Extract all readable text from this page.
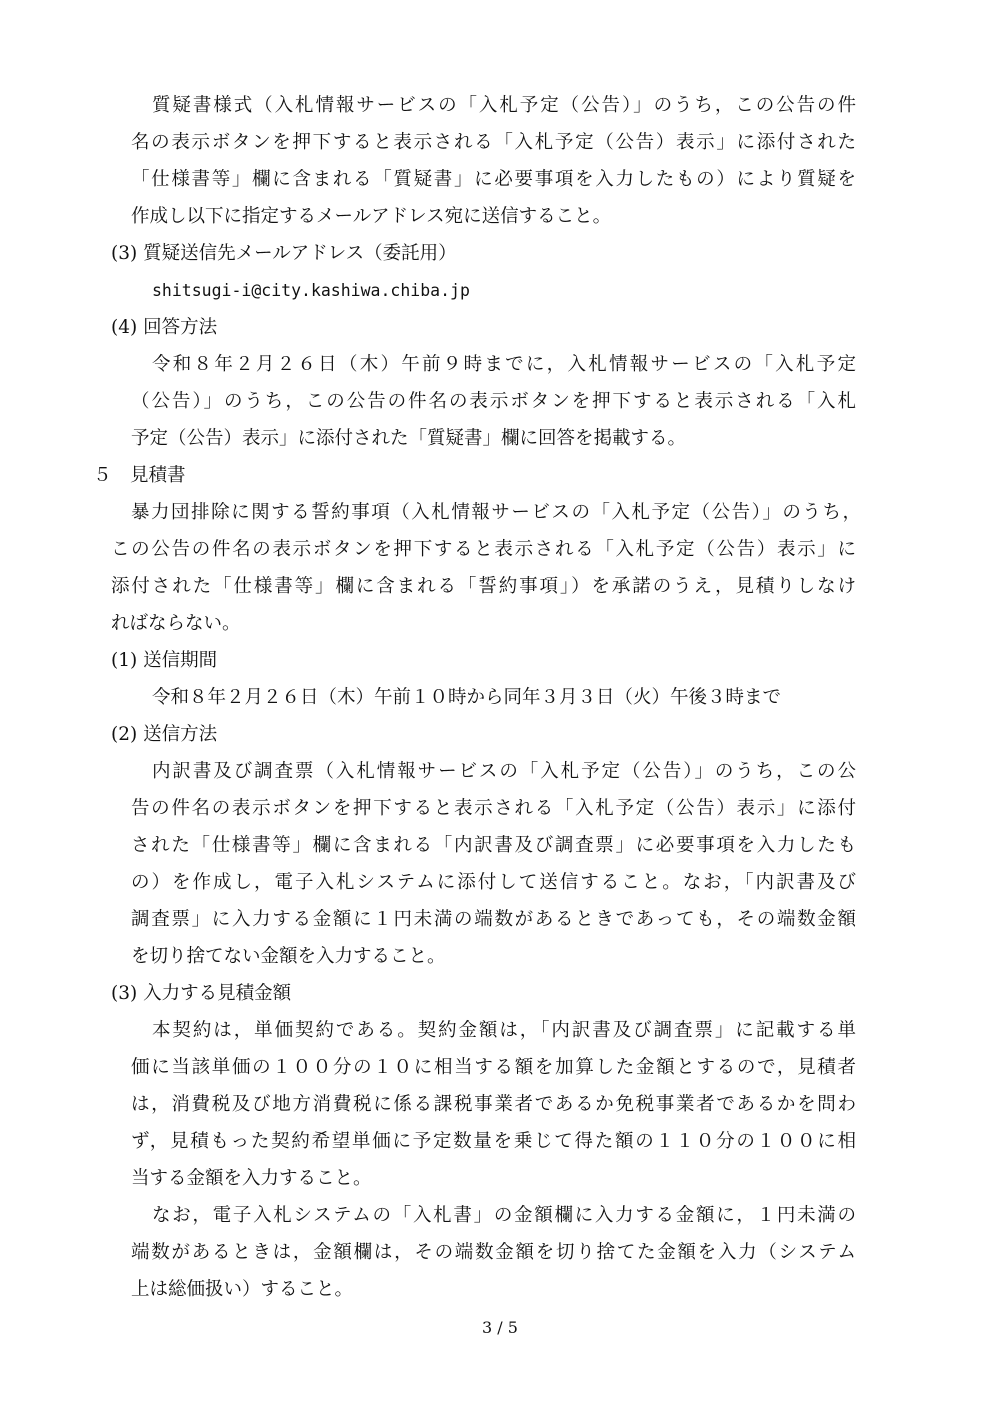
質疑書様式（入札情報サービスの「入札予定（公告）」のうち，この公告の件
名の表示ボタンを押下すると表示される「入札予定（公告）表示」に添付された
「仕様書等」欄に含まれる「質疑書」に必要事項を入力したもの）により質疑を
作成し以下に指定するメールアドレス宛に送信すること。
(3) 質疑送信先メールアドレス（委託用）
shitsugi-i@city.kashiwa.chiba.jp
(4) 回答方法
令和８年２月２６日（木）午前９時までに，入札情報サービスの「入札予定
（公告）」のうち，この公告の件名の表示ボタンを押下すると表示される「入札
予定（公告）表示」に添付された「質疑書」欄に回答を掲載する。
５　見積書
暴力団排除に関する誓約事項（入札情報サービスの「入札予定（公告）」のうち，
この公告の件名の表示ボタンを押下すると表示される「入札予定（公告）表示」に
添付された「仕様書等」欄に含まれる「誓約事項」）を承諾のうえ，見積りしなけ
ればならない。
(1) 送信期間
令和８年２月２６日（木）午前１０時から同年３月３日（火）午後３時まで
(2) 送信方法
内訳書及び調査票（入札情報サービスの「入札予定（公告）」のうち，この公
告の件名の表示ボタンを押下すると表示される「入札予定（公告）表示」に添付
された「仕様書等」欄に含まれる「内訳書及び調査票」に必要事項を入力したも
の）を作成し，電子入札システムに添付して送信すること。なお，「内訳書及び
調査票」に入力する金額に１円未満の端数があるときであっても，その端数金額
を切り捨てない金額を入力すること。
(3) 入力する見積金額
本契約は，単価契約である。契約金額は，「内訳書及び調査票」に記載する単
価に当該単価の１００分の１０に相当する額を加算した金額とするので，見積者
は，消費税及び地方消費税に係る課税事業者であるか免税事業者であるかを問わ
ず，見積もった契約希望単価に予定数量を乗じて得た額の１１０分の１００に相
当する金額を入力すること。
なお，電子入札システムの「入札書」の金額欄に入力する金額に，１円未満の
端数があるときは，金額欄は，その端数金額を切り捨てた金額を入力（システム
上は総価扱い）すること。
3 / 5
